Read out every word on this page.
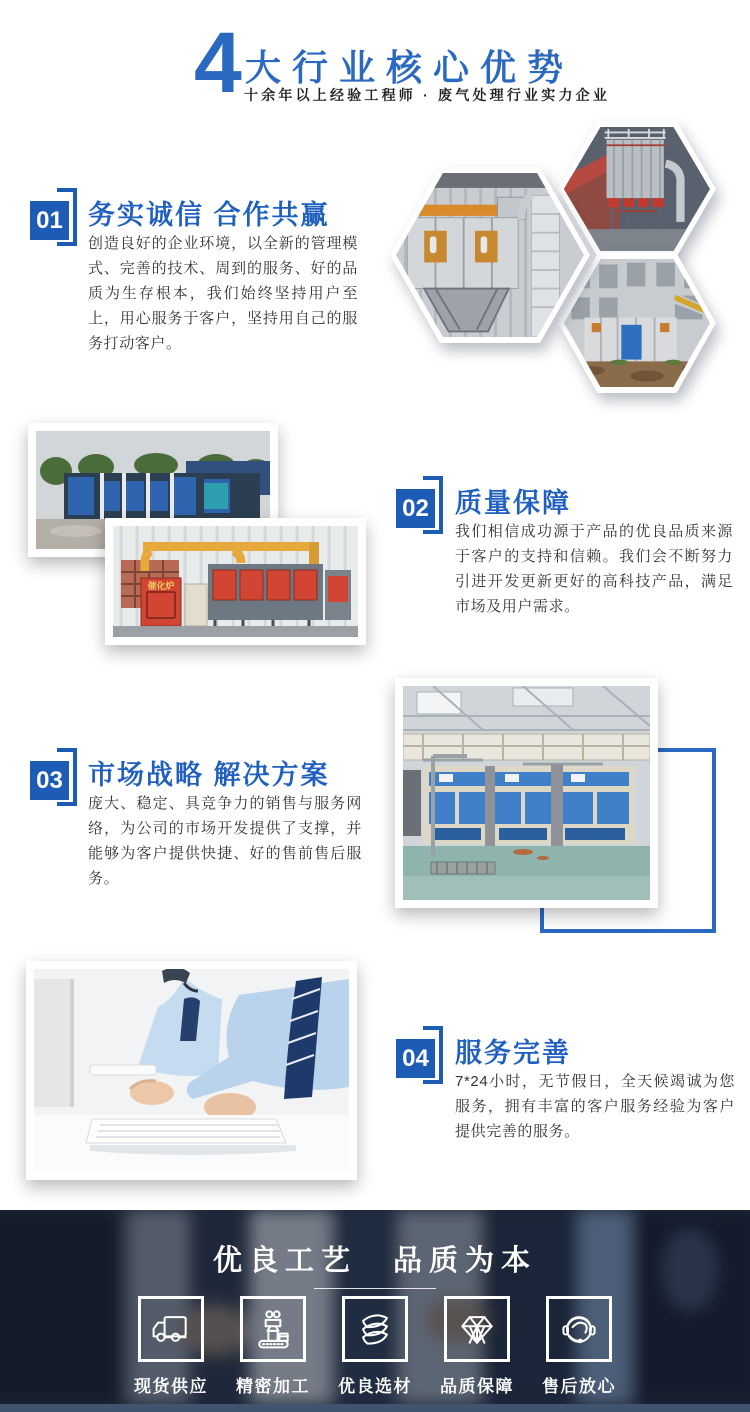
4 大行业核心优势
十余年以上经验工程师 · 废气处理行业实力企业
01 务实诚信 合作共赢

创造良好的企业环境，以全新的管理模式、完善的技术、周到的服务、好的品质为生存根本，我们始终坚持用户至上，用心服务于客户，坚持用自己的服务打动客户。

02 质量保障

我们相信成功源于产品的优良品质来源于客户的支持和信赖。我们会不断努力引进开发更新更好的高科技产品，满足市场及用户需求。

催化炉
03 市场战略 解决方案

庞大、稳定、具竞争力的销售与服务网络，为公司的市场开发提供了支撑，并能够为客户提供快捷、好的售前售后服务。

04 服务完善

7*24小时，无节假日，全天候竭诚为您服务，拥有丰富的客户服务经验为客户提供完善的服务。

优良工艺　品质为本
现货供应 精密加工 优良选材 品质保障 售后放心
